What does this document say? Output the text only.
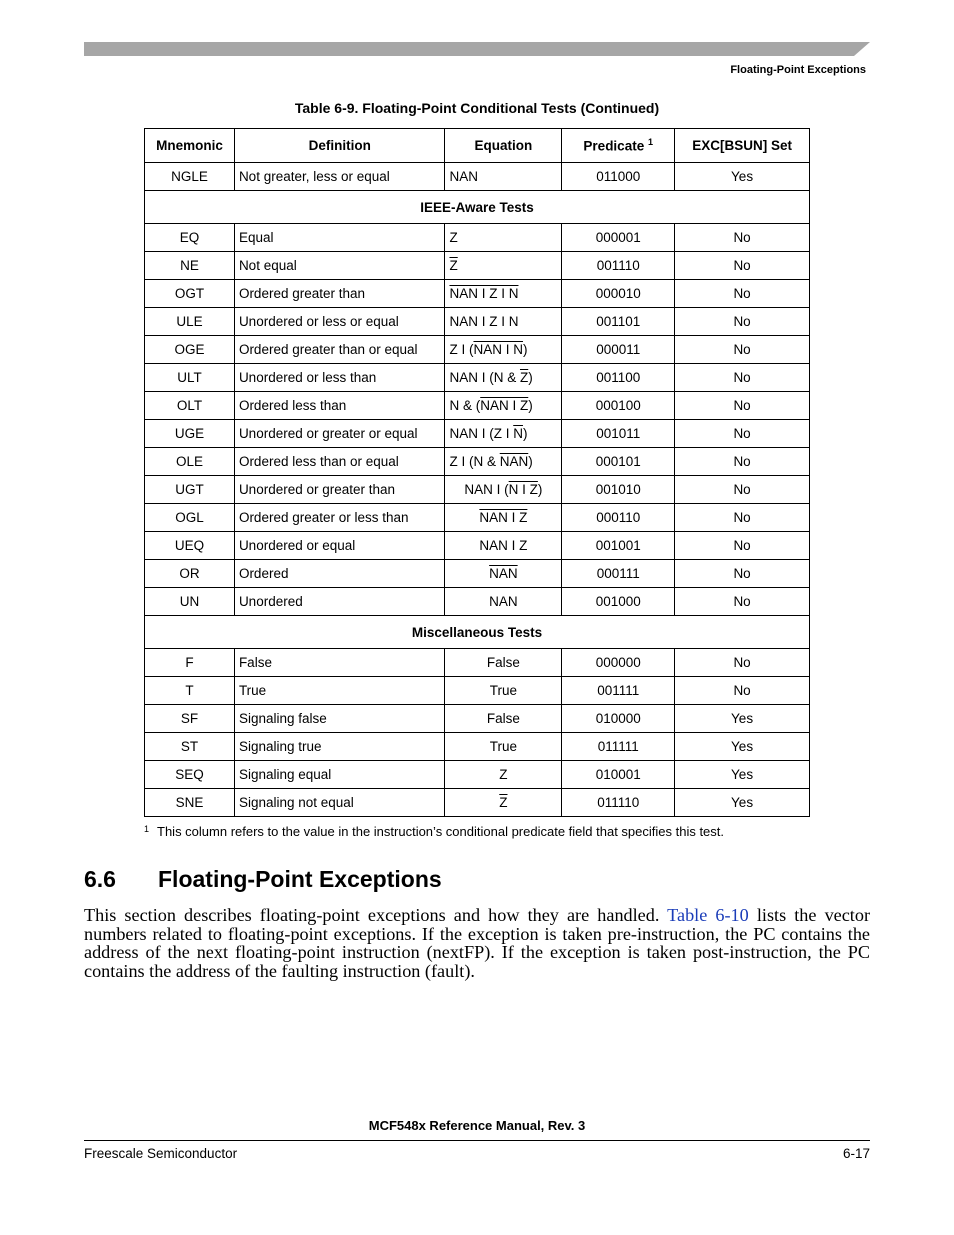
Floating-Point Exceptions
Table 6-9. Floating-Point Conditional Tests (Continued)
Mnemonic	Definition	Equation	Predicate $^1$	EXC[BSUN] Set
NGLE	Not greater, less or equal	NAN	011000	Yes
IEEE-Aware Tests				
EQ	Equal	Z	000001	No
NE	Not equal	$\overline{Z}$	001110	No
OGT	Ordered greater than	NAN I Z I N	000010	No
ULE	Unordered or less or equal	NAN I Z I N	001101	No
OGE	Ordered greater than or equal	Z I (NAN I N)	000011	No
ULT	Unordered or less than	NAN I (N & $\overline{Z}$)	001100	No
OLT	Ordered less than	N & (NAN I Z)	000100	No
UGE	Unordered or greater or equal	NAN I (Z I $\overline{N}$)	001011	No
OLE	Ordered less than or equal	Z I (N & $\overline{NAN}$)	000101	No
UGT	Unordered or greater than	NAN I (N I Z)	001010	No
OGL	Ordered greater or less than	NAN I Z	000110	No
UEQ	Unordered or equal	NAN I Z	001001	No
OR	Ordered	$\overline{NAN}$	000111	No
UN	Unordered	NAN	001000	No
Miscellaneous Tests				
F	False	False	000000	No
T	True	True	001111	No
SF	Signaling false	False	010000	Yes
ST	Signaling true	True	011111	Yes
SEQ	Signaling equal	Z	010001	Yes
SNE	Signaling not equal	$\overline{Z}$	011110	Yes
$^1$ This column refers to the value in the instruction’s conditional predicate field that specifies this test.
6.6 Floating-Point Exceptions
This section describes floating-point exceptions and how they are handled. Table 6-10 lists the vector numbers related to floating-point exceptions. If the exception is taken pre-instruction, the PC contains the address of the next floating-point instruction (nextFP). If the exception is taken post-instruction, the PC contains the address of the faulting instruction (fault).
MCF548x Reference Manual, Rev. 3
Freescale Semiconductor	6-17
